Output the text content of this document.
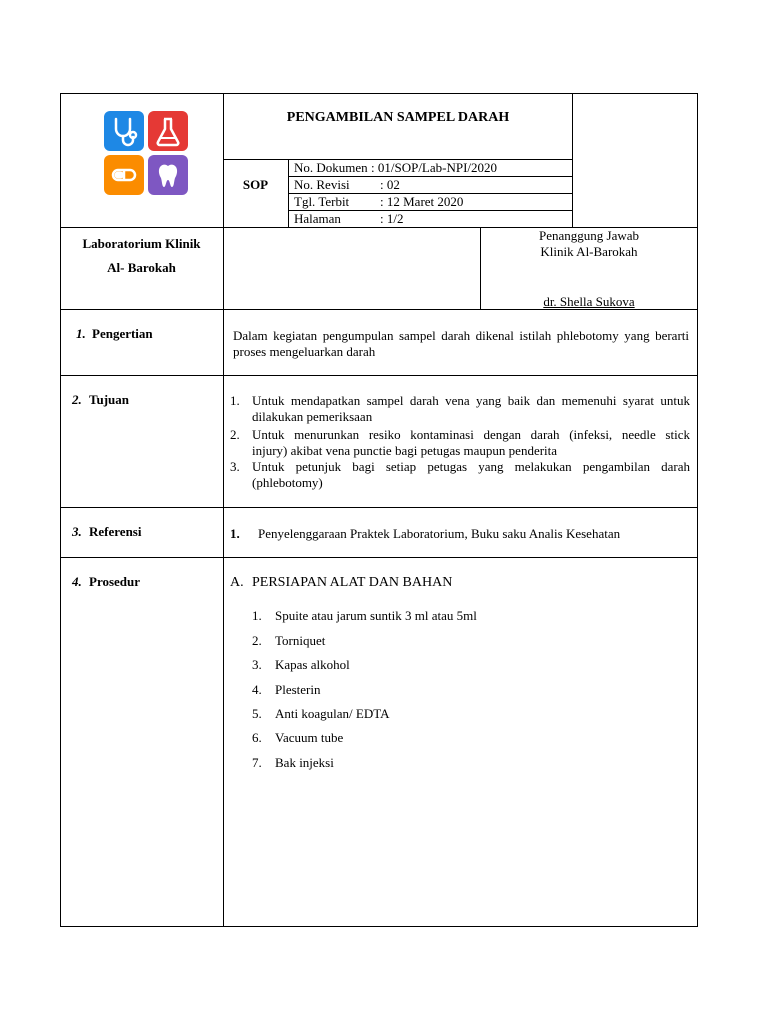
PENGAMBILAN SAMPEL DARAH
SOP
No. Dokumen : 01/SOP/Lab-NPI/2020
No. Revisi : 02
Tgl. Terbit : 12 Maret 2020
Halaman	: 1/2
Laboratorium Klinik
Al- Barokah
Penanggung Jawab
Klinik Al-Barokah
dr. Shella Sukova
1. Pengertian	Dalam kegiatan pengumpulan sampel darah dikenal istilah phlebotomy yang berarti proses mengeluarkan darah
2. Tujuan	1. Untuk mendapatkan sampel darah vena yang baik dan memenuhi syarat untuk
dilakukan pemeriksaan
2. Untuk menurunkan resiko kontaminasi dengan darah (infeksi, needle stick
injury) akibat vena punctie bagi petugas maupun penderita
3. Untuk petunjuk bagi setiap petugas yang melakukan pengambilan darah
(phlebotomy)
3. Referensi	1. Penyelenggaraan Praktek Laboratorium, Buku saku Analis Kesehatan
4. Prosedur	A. PERSIAPAN ALAT DAN BAHAN
1. Spuite atau jarum suntik 3 ml atau 5ml
2. Torniquet
3. Kapas alkohol
4. Plesterin
5. Anti koagulan/ EDTA
6. Vacuum tube
7. Bak injeksi
